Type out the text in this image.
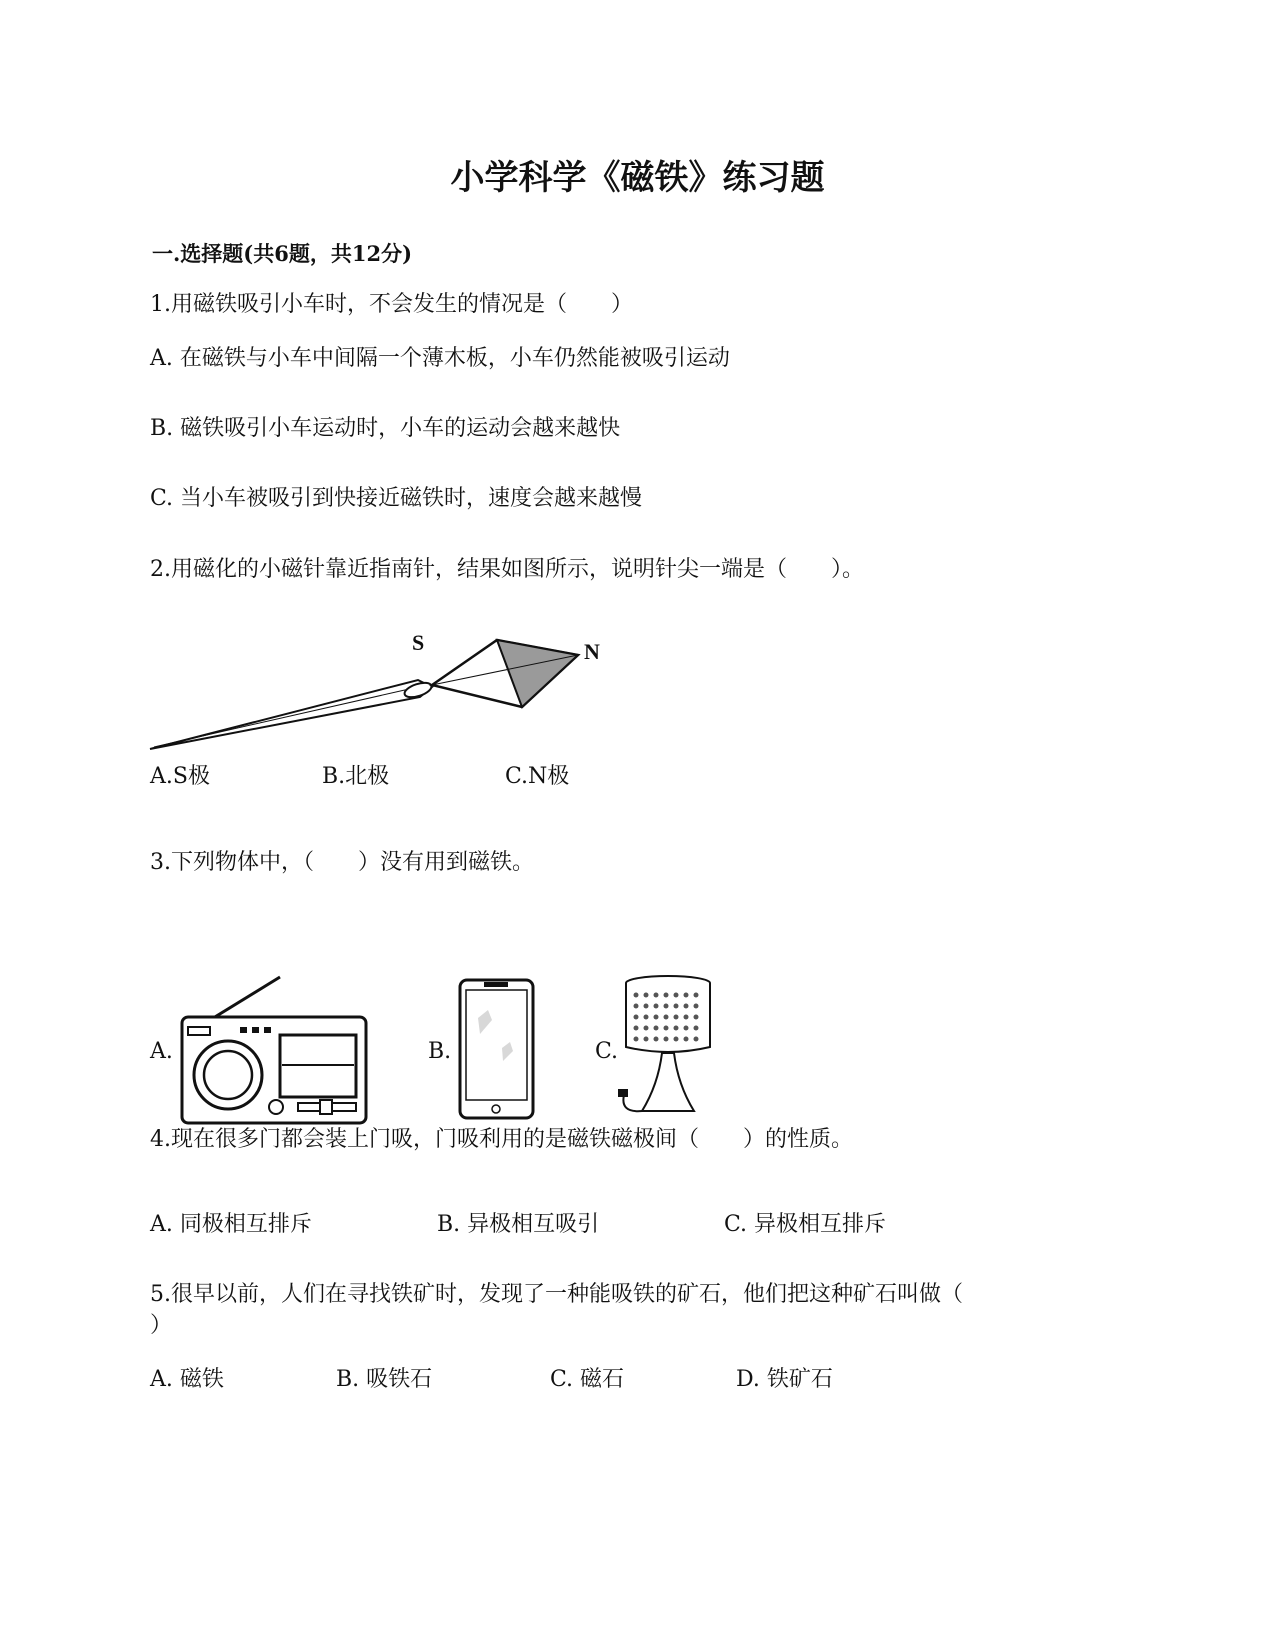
小学科学《磁铁》练习题
一.选择题(共6题，共12分)
1.用磁铁吸引小车时，不会发生的情况是（　　）
A. 在磁铁与小车中间隔一个薄木板，小车仍然能被吸引运动
B. 磁铁吸引小车运动时，小车的运动会越来越快
C. 当小车被吸引到快接近磁铁时，速度会越来越慢
2.用磁化的小磁针靠近指南针，结果如图所示，说明针尖一端是（　　）。
S	N
A.S极	B.北极	C.N极
3.下列物体中，（　　）没有用到磁铁。
A.	B.	C.
4.现在很多门都会装上门吸，门吸利用的是磁铁磁极间（　　）的性质。
A. 同极相互排斥	B. 异极相互吸引	C. 异极相互排斥
5.很早以前，人们在寻找铁矿时，发现了一种能吸铁的矿石，他们把这种矿石叫做（
）
A. 磁铁	B. 吸铁石	C. 磁石	D. 铁矿石
